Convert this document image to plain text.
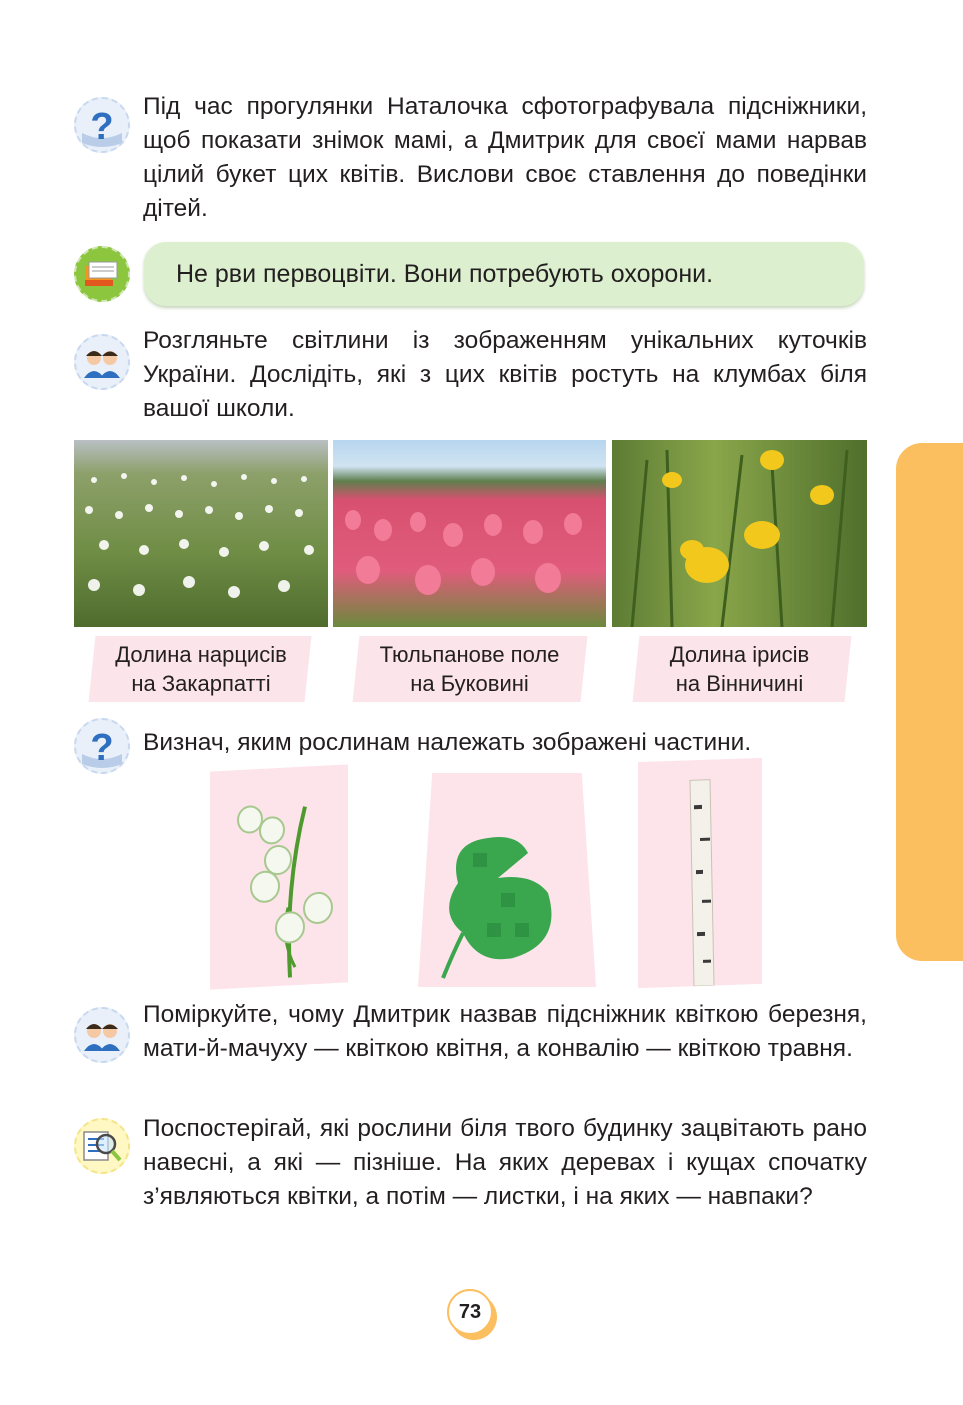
? Під час прогулянки Наталочка сфотографувала підсніжники, щоб показати знімок мамі, а Дмитрик для своєї мами нарвав цілий букет цих квітів. Вислови своє ставлення до поведінки дітей.

Не рви первоцвіти. Вони потребують охорони.

Розгляньте світлини із зображенням унікальних куточків України. Дослідіть, які з цих квітів ростуть на клумбах біля вашої школи.

Долина нарцисів
на Закарпатті
Тюльпанове поле
на Буковині
Долина ірисів
на Вінничині
? Визнач, яким рослинам належать зображені частини.

Поміркуйте, чому Дмитрик назвав підсніжник квіткою березня, мати-й-мачуху — квіткою квітня, а конвалію — квіткою травня.

Поспостерігай, які рослини біля твого будинку зацвітають рано навесні, а які — пізніше. На яких деревах і кущах спочатку з’являються квітки, а потім — листки, і на яких — навпаки?

73
